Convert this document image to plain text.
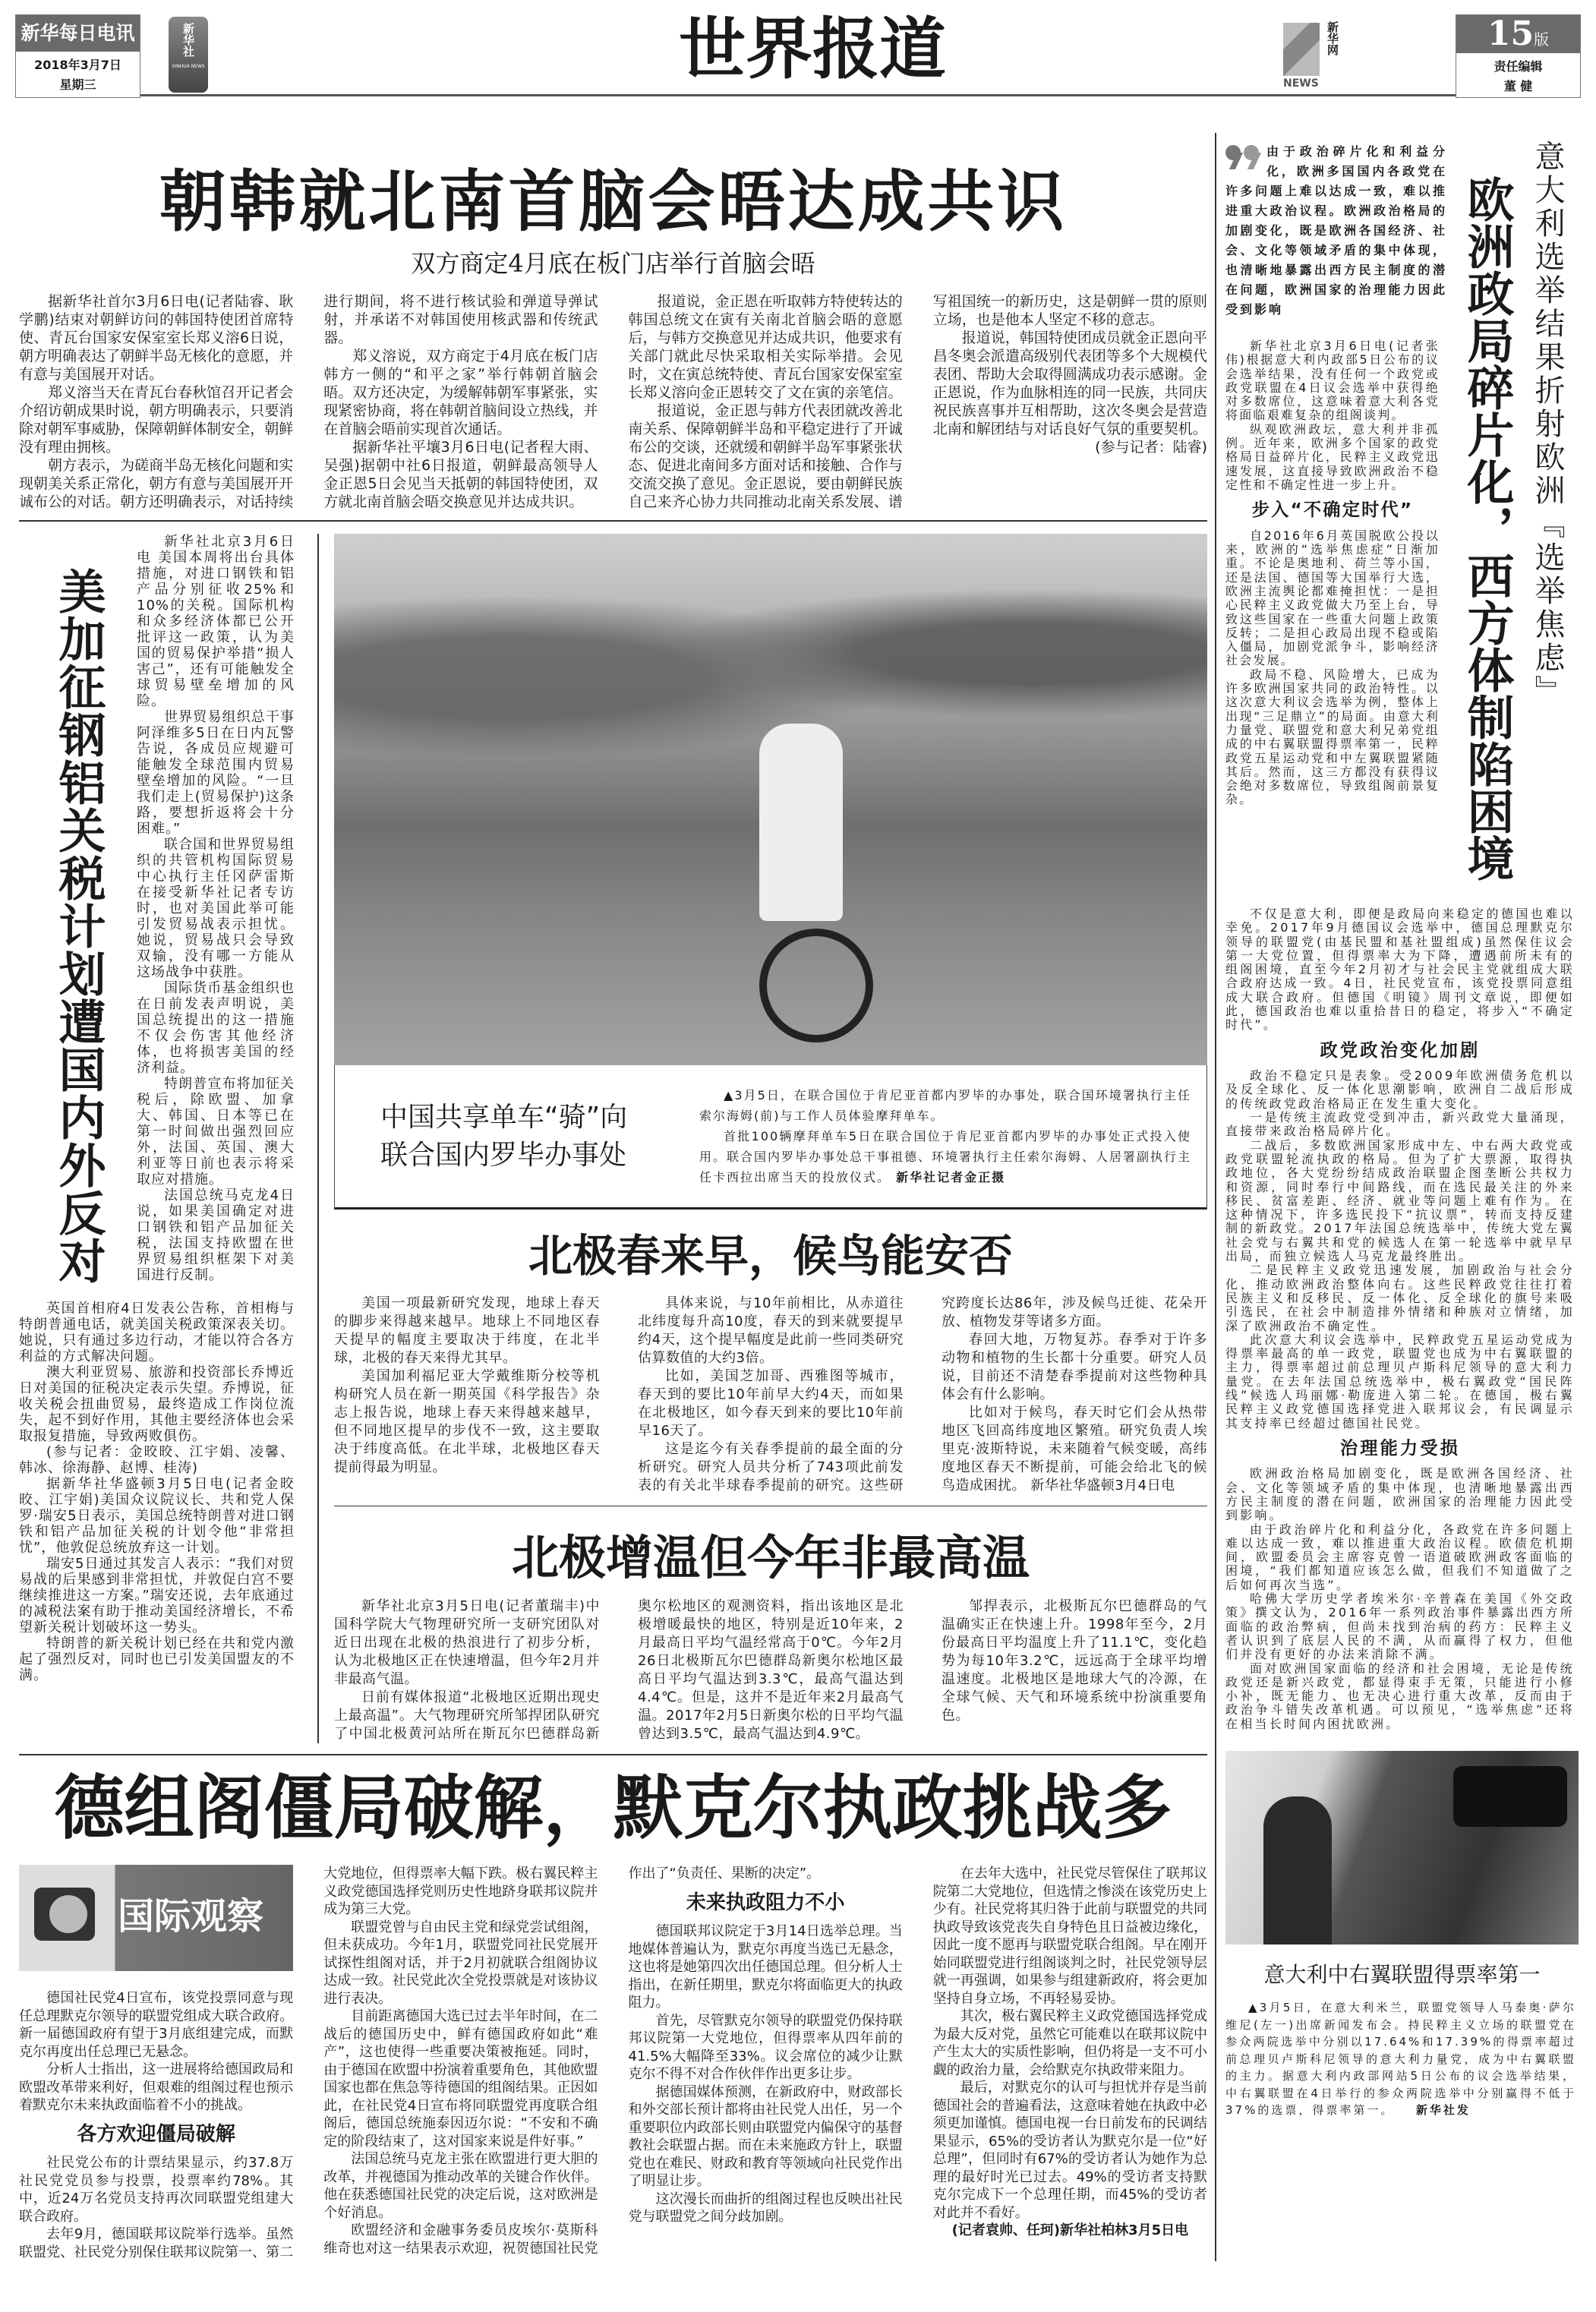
新华每日电讯
2018年3月7日
星期三
新华社
XINHUA NEWS	世界报道	新华网
NEWS
15版
责任编辑
董 健
朝韩就北南首脑会晤达成共识
双方商定4月底在板门店举行首脑会晤

据新华社首尔3月6日电(记者陆睿、耿学鹏)结束对朝鲜访问的韩国特使团首席特使、青瓦台国家安保室室长郑义溶6日说，朝方明确表达了朝鲜半岛无核化的意愿，并有意与美国展开对话。

郑义溶当天在青瓦台春秋馆召开记者会介绍访朝成果时说，朝方明确表示，只要消除对朝军事威胁，保障朝鲜体制安全，朝鲜没有理由拥核。

朝方表示，为磋商半岛无核化问题和实现朝美关系正常化，朝方有意与美国展开开诚布公的对话。朝方还明确表示，对话持续进行期间，将不进行核试验和弹道导弹试射，并承诺不对韩国使用核武器和传统武器。

郑义溶说，双方商定于4月底在板门店韩方一侧的“和平之家”举行韩朝首脑会晤。双方还决定，为缓解韩朝军事紧张，实现紧密协商，将在韩朝首脑间设立热线，并在首脑会晤前实现首次通话。

据新华社平壤3月6日电(记者程大雨、吴强)据朝中社6日报道，朝鲜最高领导人金正恩5日会见当天抵朝的韩国特使团，双方就北南首脑会晤交换意见并达成共识。

报道说，金正恩在听取韩方特使转达的韩国总统文在寅有关南北首脑会晤的意愿后，与韩方交换意见并达成共识，他要求有关部门就此尽快采取相关实际举措。会见时，文在寅总统特使、青瓦台国家安保室室长郑义溶向金正恩转交了文在寅的亲笔信。

报道说，金正恩与韩方代表团就改善北南关系、保障朝鲜半岛和平稳定进行了开诚布公的交谈，还就缓和朝鲜半岛军事紧张状态、促进北南间多方面对话和接触、合作与交流交换了意见。金正恩说，要由朝鲜民族自己来齐心协力共同推动北南关系发展、谱写祖国统一的新历史，这是朝鲜一贯的原则立场，也是他本人坚定不移的意志。

报道说，韩国特使团成员就金正恩向平昌冬奥会派遣高级别代表团等多个大规模代表团、帮助大会取得圆满成功表示感谢。金正恩说，作为血脉相连的同一民族，共同庆祝民族喜事并互相帮助，这次冬奥会是营造北南和解团结与对话良好气氛的重要契机。

(参与记者：陆睿)

美加征钢铝关税计划遭国内外反对

新华社北京3月6日电 美国本周将出台具体措施，对进口钢铁和铝产品分别征收25%和10%的关税。国际机构和众多经济体都已公开批评这一政策，认为美国的贸易保护举措“损人害己”，还有可能触发全球贸易壁垒增加的风险。

世界贸易组织总干事阿泽维多5日在日内瓦警告说，各成员应规避可能触发全球范围内贸易壁垒增加的风险。“一旦我们走上(贸易保护)这条路，要想折返将会十分困难。”

联合国和世界贸易组织的共管机构国际贸易中心执行主任冈萨雷斯在接受新华社记者专访时，也对美国此举可能引发贸易战表示担忧。她说，贸易战只会导致双输，没有哪一方能从这场战争中获胜。

国际货币基金组织也在日前发表声明说，美国总统提出的这一措施不仅会伤害其他经济体，也将损害美国的经济利益。

特朗普宣布将加征关税后，除欧盟、加拿大、韩国、日本等已在第一时间做出强烈回应外，法国、英国、澳大利亚等日前也表示将采取应对措施。

法国总统马克龙4日说，如果美国确定对进口钢铁和铝产品加征关税，法国支持欧盟在世界贸易组织框架下对美国进行反制。

英国首相府4日发表公告称，首相梅与特朗普通电话，就美国关税政策深表关切。她说，只有通过多边行动，才能以符合各方利益的方式解决问题。

澳大利亚贸易、旅游和投资部长乔博近日对美国的征税决定表示失望。乔博说，征收关税会扭曲贸易，最终造成工作岗位流失，起不到好作用，其他主要经济体也会采取报复措施，导致两败俱伤。

(参与记者：金晈晈、江宇娟、凌馨、韩冰、徐海静、赵博、桂涛)

据新华社华盛顿3月5日电(记者金晈晈、江宇娟)美国众议院议长、共和党人保罗·瑞安5日表示，美国总统特朗普对进口钢铁和铝产品加征关税的计划令他“非常担忧”，他敦促总统放弃这一计划。

瑞安5日通过其发言人表示：“我们对贸易战的后果感到非常担忧，并敦促白宫不要继续推进这一方案。”瑞安还说，去年底通过的减税法案有助于推动美国经济增长，不希望新关税计划破坏这一势头。

特朗普的新关税计划已经在共和党内激起了强烈反对，同时也已引发美国盟友的不满。

中国共享单车“骑”向
联合国内罗毕办事处

▲3月5日，在联合国位于肯尼亚首都内罗毕的办事处，联合国环境署执行主任索尔海姆(前)与工作人员体验摩拜单车。

首批100辆摩拜单车5日在联合国位于肯尼亚首都内罗毕的办事处正式投入使用。联合国内罗毕办事处总干事祖德、环境署执行主任索尔海姆、人居署副执行主任卡西拉出席当天的投放仪式。 新华社记者金正摄

北极春来早，候鸟能安否

美国一项最新研究发现，地球上春天的脚步来得越来越早。地球上不同地区春天提早的幅度主要取决于纬度，在北半球，北极的春天来得尤其早。

美国加利福尼亚大学戴维斯分校等机构研究人员在新一期英国《科学报告》杂志上报告说，地球上春天来得越来越早，但不同地区提早的步伐不一致，这主要取决于纬度高低。在北半球，北极地区春天提前得最为明显。

具体来说，与10年前相比，从赤道往北纬度每升高10度，春天的到来就要提早约4天，这个提早幅度是此前一些同类研究估算数值的大约3倍。

比如，美国芝加哥、西雅图等城市，春天到的要比10年前早大约4天，而如果在北极地区，如今春天到来的要比10年前早16天了。

这是迄今有关春季提前的最全面的分析研究。研究人员共分析了743项此前发表的有关北半球春季提前的研究。这些研究跨度长达86年，涉及候鸟迁徙、花朵开放、植物发芽等诸多方面。

春回大地，万物复苏。春季对于许多动物和植物的生长都十分重要。研究人员说，目前还不清楚春季提前对这些物种具体会有什么影响。

比如对于候鸟，春天时它们会从热带地区飞回高纬度地区繁殖。研究负责人埃里克·波斯特说，未来随着气候变暖，高纬度地区春天不断提前，可能会给北飞的候鸟造成困扰。 新华社华盛顿3月4日电

北极增温但今年非最高温

新华社北京3月5日电(记者董瑞丰)中国科学院大气物理研究所一支研究团队对近日出现在北极的热浪进行了初步分析，认为北极地区正在快速增温，但今年2月并非最高气温。

日前有媒体报道“北极地区近期出现史上最高温”。大气物理研究所邹捍团队研究了中国北极黄河站所在斯瓦尔巴德群岛新奥尔松地区的观测资料，指出该地区是北极增暖最快的地区，特别是近10年来，2月最高日平均气温经常高于0℃。今年2月26日北极斯瓦尔巴德群岛新奥尔松地区最高日平均气温达到3.3℃，最高气温达到4.4℃。但是，这并不是近年来2月最高气温。2017年2月5日新奥尔松的日平均气温曾达到3.5℃，最高气温达到4.9℃。

邹捍表示，北极斯瓦尔巴德群岛的气温确实正在快速上升。1998年至今，2月份最高日平均温度上升了11.1℃，变化趋势为每10年3.2℃，远远高于全球平均增温速度。北极地区是地球大气的冷源，在全球气候、天气和环境系统中扮演重要角色。

德组阁僵局破解，默克尔执政挑战多
国际观察

德国社民党4日宣布，该党投票同意与现任总理默克尔领导的联盟党组成大联合政府。新一届德国政府有望于3月底组建完成，而默克尔再度出任总理已无悬念。

分析人士指出，这一进展将给德国政局和欧盟改革带来利好，但艰难的组阁过程也预示着默克尔未来执政面临着不小的挑战。

各方欢迎僵局破解

社民党公布的计票结果显示，约37.8万社民党党员参与投票，投票率约78%。其中，近24万名党员支持再次同联盟党组建大联合政府。

去年9月，德国联邦议院举行选举。虽然联盟党、社民党分别保住联邦议院第一、第二大党地位，但得票率大幅下跌。极右翼民粹主义政党德国选择党则历史性地跻身联邦议院并成为第三大党。

联盟党曾与自由民主党和绿党尝试组阁，但未获成功。今年1月，联盟党同社民党展开试探性组阁对话，并于2月初就联合组阁协议达成一致。社民党此次全党投票就是对该协议进行表决。

目前距离德国大选已过去半年时间，在二战后的德国历史中，鲜有德国政府如此“难产”，这也使得一些重要决策被拖延。同时，由于德国在欧盟中扮演着重要角色，其他欧盟国家也都在焦急等待德国的组阁结果。正因如此，在社民党4日宣布将同联盟党再度联合组阁后，德国总统施泰因迈尔说：“不安和不确定的阶段结束了，这对国家来说是件好事。”

法国总统马克龙主张在欧盟进行更大胆的改革，并视德国为推动改革的关键合作伙伴。他在获悉德国社民党的决定后说，这对欧洲是个好消息。

欧盟经济和金融事务委员皮埃尔·莫斯科维奇也对这一结果表示欢迎，祝贺德国社民党作出了“负责任、果断的决定”。

未来执政阻力不小

德国联邦议院定于3月14日选举总理。当地媒体普遍认为，默克尔再度当选已无悬念，这也将是她第四次出任德国总理。但分析人士指出，在新任期里，默克尔将面临更大的执政阻力。

首先，尽管默克尔领导的联盟党仍保持联邦议院第一大党地位，但得票率从四年前的41.5%大幅降至33%。议会席位的减少让默克尔不得不对合作伙伴作出更多让步。

据德国媒体预测，在新政府中，财政部长和外交部长预计都将由社民党人出任，另一个重要职位内政部长则由联盟党内偏保守的基督教社会联盟占据。而在未来施政方针上，联盟党也在难民、财政和教育等领域向社民党作出了明显让步。

这次漫长而曲折的组阁过程也反映出社民党与联盟党之间分歧加剧。

在去年大选中，社民党尽管保住了联邦议院第二大党地位，但选情之惨淡在该党历史上少有。社民党将其归咎于此前与联盟党的共同执政导致该党丧失自身特色且日益被边缘化，因此一度不愿再与联盟党联合组阁。早在刚开始同联盟党进行组阁谈判之时，社民党领导层就一再强调，如果参与组建新政府，将会更加坚持自身立场，不再轻易妥协。

其次，极右翼民粹主义政党德国选择党成为最大反对党，虽然它可能难以在联邦议院中产生太大的实质性影响，但仍将是一支不可小觑的政治力量，会给默克尔执政带来阻力。

最后，对默克尔的认可与担忧并存是当前德国社会的普遍看法，这意味着她在执政中必须更加谨慎。德国电视一台日前发布的民调结果显示，65%的受访者认为默克尔是一位“好总理”，但同时有67%的受访者认为她作为总理的最好时光已过去。49%的受访者支持默克尔完成下一个总理任期，而45%的受访者对此并不看好。

(记者袁帅、任珂)新华社柏林3月5日电

由于政治碎片化和利益分化，欧洲多国国内各政党在许多问题上难以达成一致，难以推进重大政治议程。欧洲政治格局的加剧变化，既是欧洲各国经济、社会、文化等领域矛盾的集中体现，也清晰地暴露出西方民主制度的潜在问题，欧洲国家的治理能力因此受到影响

新华社北京3月6日电(记者张伟)根据意大利内政部5日公布的议会选举结果，没有任何一个政党或政党联盟在4日议会选举中获得绝对多数席位，这意味着意大利各党将面临艰难复杂的组阁谈判。

纵观欧洲政坛，意大利并非孤例。近年来，欧洲多个国家的政党格局日益碎片化，民粹主义政党迅速发展，这直接导致欧洲政治不稳定性和不确定性进一步上升。

步入“不确定时代”

自2016年6月英国脱欧公投以来，欧洲的“选举焦虑症”日渐加重。不论是奥地利、荷兰等小国，还是法国、德国等大国举行大选，欧洲主流舆论都难掩担忧：一是担心民粹主义政党做大乃至上台，导致这些国家在一些重大问题上政策反转；二是担心政局出现不稳或陷入僵局，加剧党派争斗，影响经济社会发展。

政局不稳、风险增大，已成为许多欧洲国家共同的政治特性。以这次意大利议会选举为例，整体上出现“三足鼎立”的局面。由意大利力量党、联盟党和意大利兄弟党组成的中右翼联盟得票率第一，民粹政党五星运动党和中左翼联盟紧随其后。然而，这三方都没有获得议会绝对多数席位，导致组阁前景复杂。	欧洲政局碎片化，西方体制陷困境 意大利选举结果折射欧洲『选举焦虑』

不仅是意大利，即便是政局向来稳定的德国也难以幸免。2017年9月德国议会选举中，德国总理默克尔领导的联盟党(由基民盟和基社盟组成)虽然保住议会第一大党位置，但得票率大为下降，遭遇前所未有的组阁困境，直至今年2月初才与社会民主党就组成大联合政府达成一致。4日，社民党宣布，该党投票同意组成大联合政府。但德国《明镜》周刊文章说，即便如此，德国政治也难以重拾昔日的稳定，将步入“不确定时代”。

政党政治变化加剧

政治不稳定只是表象。受2009年欧洲债务危机以及反全球化、反一体化思潮影响，欧洲自二战后形成的传统政党政治格局正在发生重大变化。

一是传统主流政党受到冲击，新兴政党大量涌现，直接带来政治格局碎片化。

二战后，多数欧洲国家形成中左、中右两大政党或政党联盟轮流执政的格局。但为了扩大票源，取得执政地位，各大党纷纷结成政治联盟企图垄断公共权力和资源，同时奉行中间路线，而在选民最关注的外来移民、贫富差距、经济、就业等问题上难有作为。在这种情况下，许多选民投下“抗议票”，转而支持反建制的新政党。2017年法国总统选举中，传统大党左翼社会党与右翼共和党的候选人在第一轮选举中就早早出局，而独立候选人马克龙最终胜出。

二是民粹主义政党迅速发展，加剧政治与社会分化，推动欧洲政治整体向右。这些民粹政党往往打着民族主义和反移民、反一体化、反全球化的旗号来吸引选民，在社会中制造排外情绪和种族对立情绪，加深了欧洲政治不确定性。

此次意大利议会选举中，民粹政党五星运动党成为得票率最高的单一政党，联盟党也成为中右翼联盟的主力，得票率超过前总理贝卢斯科尼领导的意大利力量党。在去年法国总统选举中，极右翼政党“国民阵线”候选人玛丽娜·勒庞进入第二轮。在德国，极右翼民粹主义政党德国选择党进入联邦议会，有民调显示其支持率已经超过德国社民党。

治理能力受损

欧洲政治格局加剧变化，既是欧洲各国经济、社会、文化等领域矛盾的集中体现，也清晰地暴露出西方民主制度的潜在问题，欧洲国家的治理能力因此受到影响。

由于政治碎片化和利益分化，各政党在许多问题上难以达成一致，难以推进重大政治议程。欧债危机期间，欧盟委员会主席容克曾一语道破欧洲政客面临的困境，“我们都知道应该怎么做，但我们不知道做了之后如何再次当选”。

哈佛大学历史学者埃米尔·辛普森在美国《外交政策》撰文认为，2016年一系列政治事件暴露出西方所面临的政治弊病，但尚未找到治病的药方：民粹主义者认识到了底层人民的不满，从而赢得了权力，但他们并没有更好的办法来消除不满。

面对欧洲国家面临的经济和社会困境，无论是传统政党还是新兴政党，都显得束手无策，只能进行小修小补，既无能力、也无决心进行重大改革，反而由于政治争斗错失改革机遇。可以预见，“选举焦虑”还将在相当长时间内困扰欧洲。

意大利中右翼联盟得票率第一

▲3月5日，在意大利米兰，联盟党领导人马泰奥·萨尔维尼(左一)出席新闻发布会。持民粹主义立场的联盟党在参众两院选举中分别以17.64%和17.39%的得票率超过前总理贝卢斯科尼领导的意大利力量党，成为中右翼联盟的主力。据意大利内政部网站5日公布的议会选举结果，中右翼联盟在4日举行的参众两院选举中分别赢得不低于37%的选票，得票率第一。　　 新华社发
